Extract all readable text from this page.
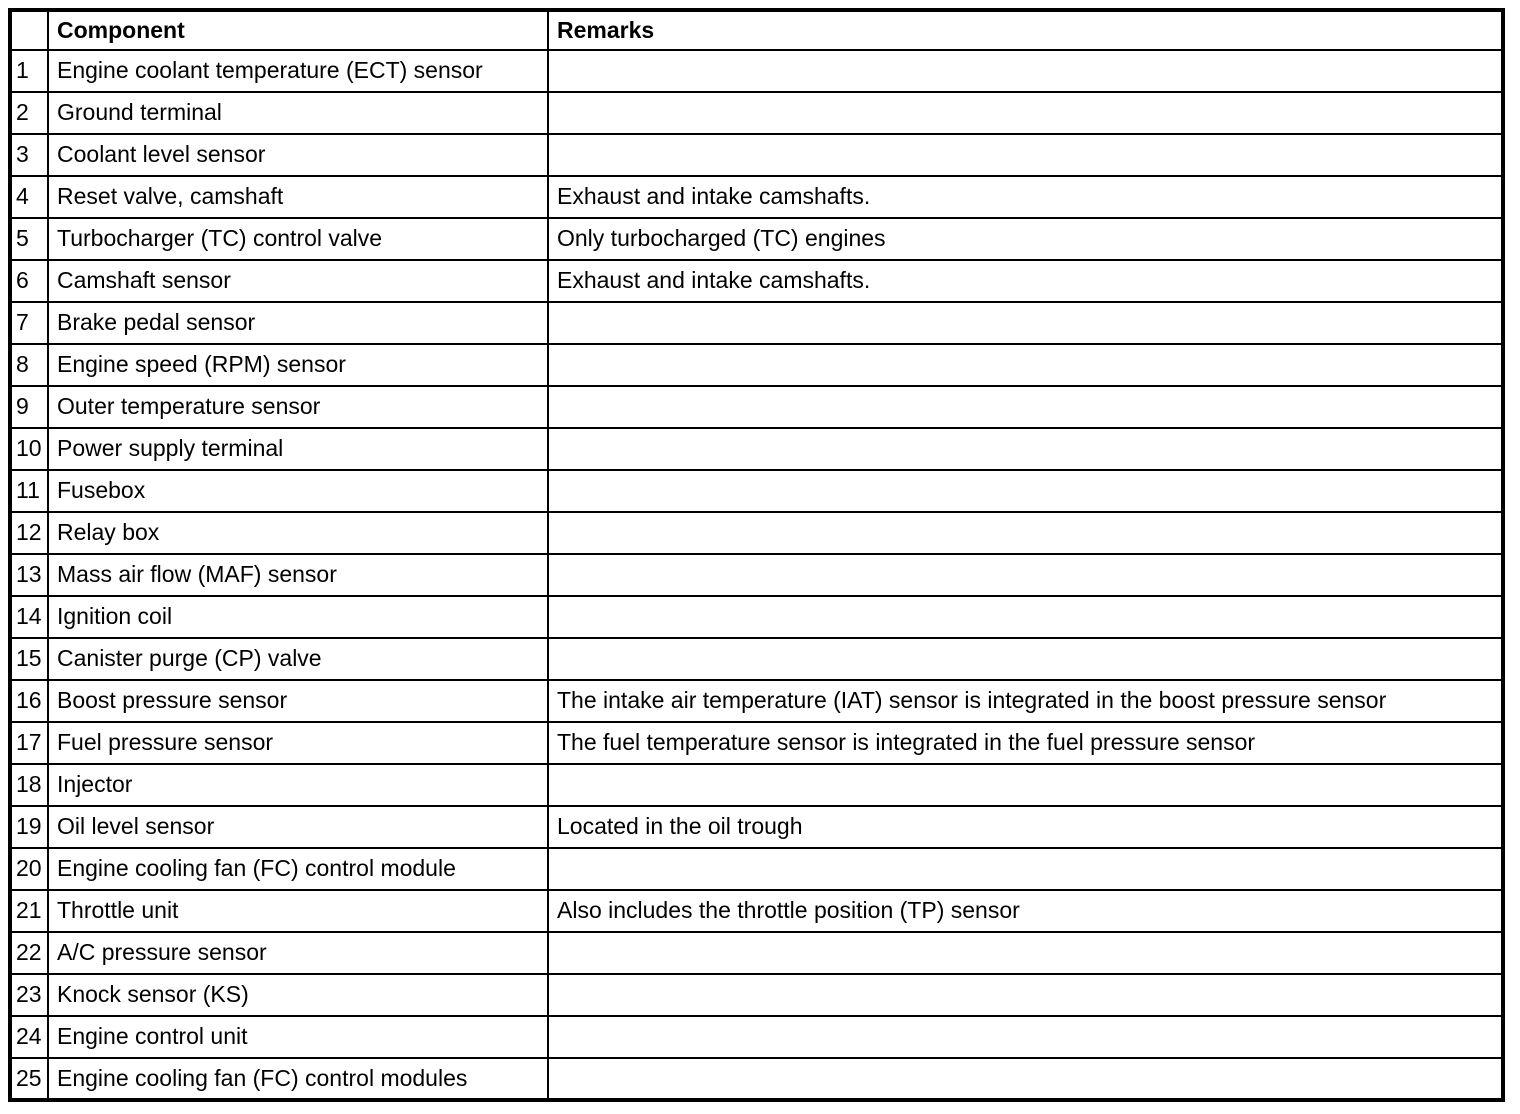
	Component	Remarks
1	Engine coolant temperature (ECT) sensor	
2	Ground terminal	
3	Coolant level sensor	
4	Reset valve, camshaft	Exhaust and intake camshafts.
5	Turbocharger (TC) control valve	Only turbocharged (TC) engines
6	Camshaft sensor	Exhaust and intake camshafts.
7	Brake pedal sensor	
8	Engine speed (RPM) sensor	
9	Outer temperature sensor	
10	Power supply terminal	
11	Fusebox	
12	Relay box	
13	Mass air flow (MAF) sensor	
14	Ignition coil	
15	Canister purge (CP) valve	
16	Boost pressure sensor	The intake air temperature (IAT) sensor is integrated in the boost pressure sensor
17	Fuel pressure sensor	The fuel temperature sensor is integrated in the fuel pressure sensor
18	Injector	
19	Oil level sensor	Located in the oil trough
20	Engine cooling fan (FC) control module	
21	Throttle unit	Also includes the throttle position (TP) sensor
22	A/C pressure sensor	
23	Knock sensor (KS)	
24	Engine control unit	
25	Engine cooling fan (FC) control modules	
